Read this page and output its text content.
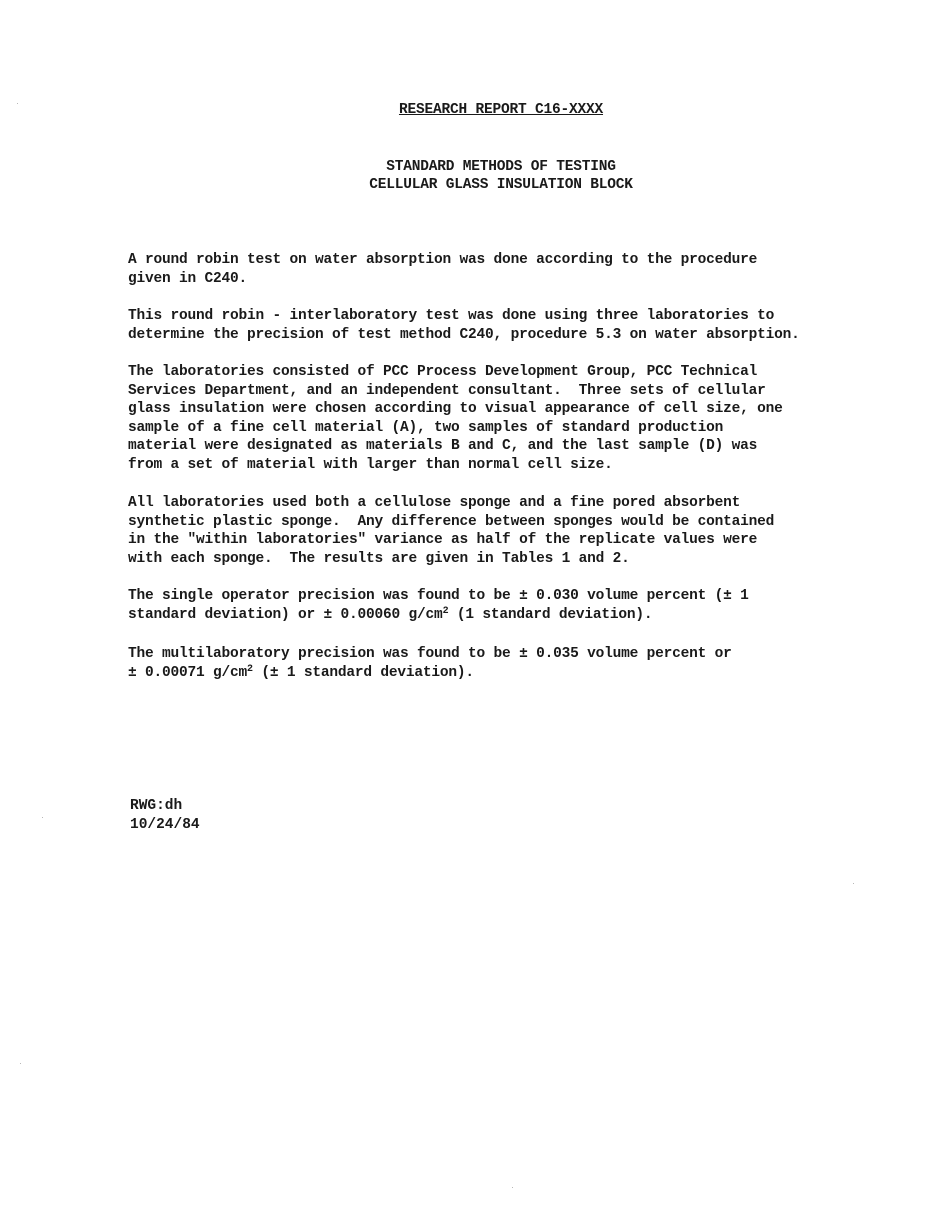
RESEARCH REPORT C16-XXXX
STANDARD METHODS OF TESTING
CELLULAR GLASS INSULATION BLOCK

A round robin test on water absorption was done according to the procedure
given in C240.

This round robin - interlaboratory test was done using three laboratories to
determine the precision of test method C240, procedure 5.3 on water absorption.

The laboratories consisted of PCC Process Development Group, PCC Technical
Services Department, and an independent consultant.  Three sets of cellular
glass insulation were chosen according to visual appearance of cell size, one
sample of a fine cell material (A), two samples of standard production
material were designated as materials B and C, and the last sample (D) was
from a set of material with larger than normal cell size.

All laboratories used both a cellulose sponge and a fine pored absorbent
synthetic plastic sponge.  Any difference between sponges would be contained
in the "within laboratories" variance as half of the replicate values were
with each sponge.  The results are given in Tables 1 and 2.

The single operator precision was found to be ± 0.030 volume percent (± 1
standard deviation) or ± 0.00060 $g/cm^2$ (1 standard deviation).

The multilaboratory precision was found to be ± 0.035 volume percent or
± 0.00071 $g/cm^2$ (± 1 standard deviation).

RWG:dh
10/24/84
